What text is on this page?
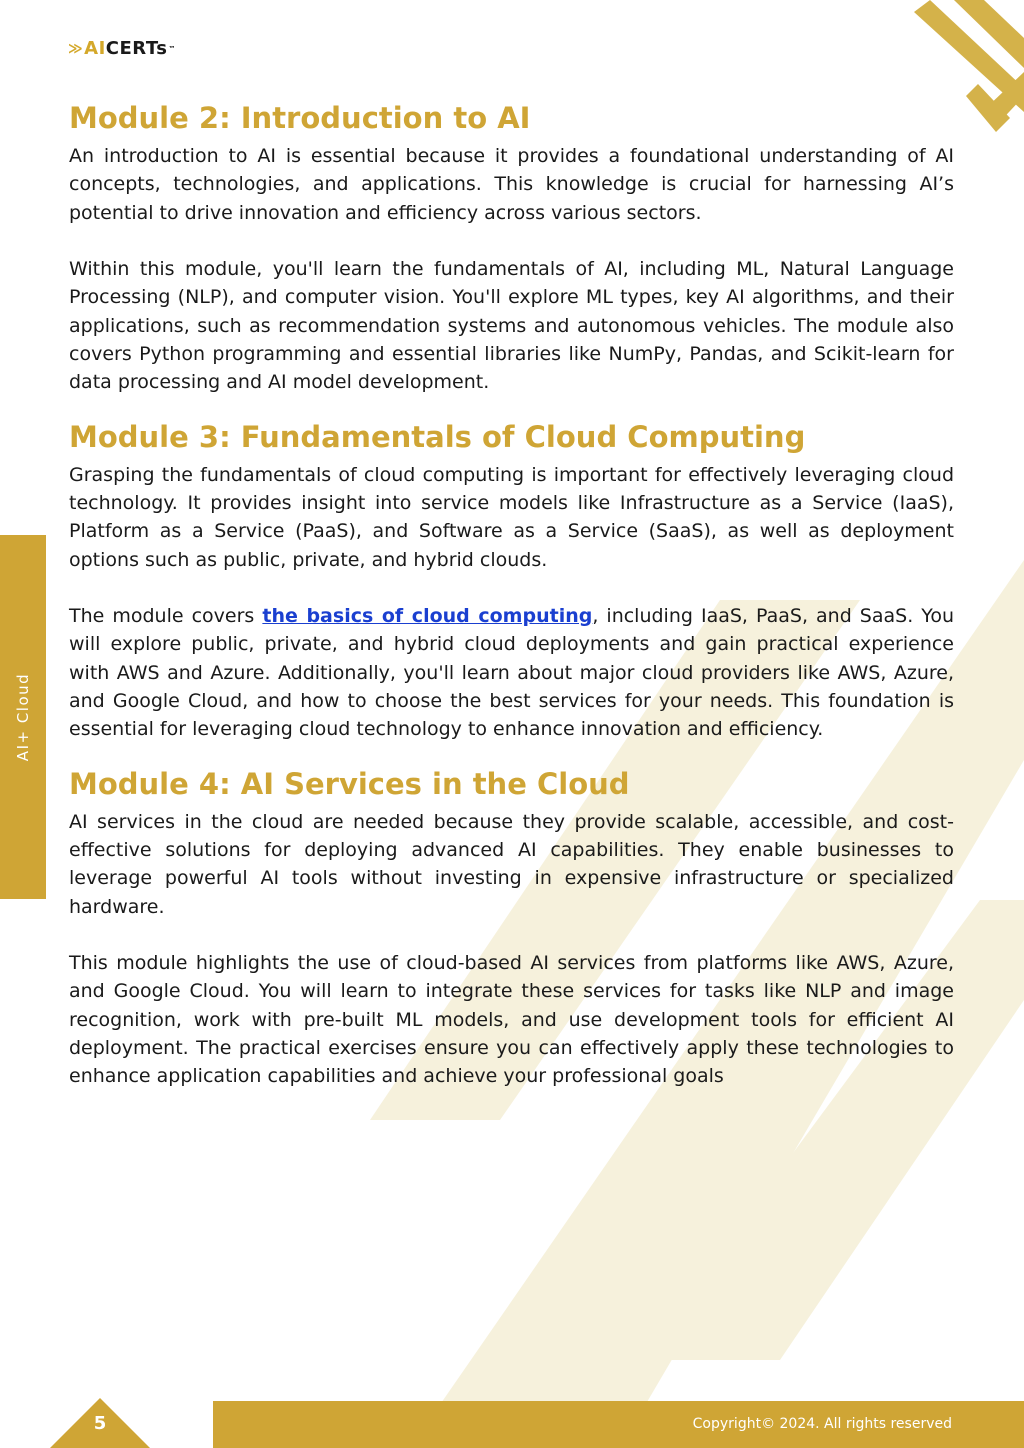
≫ AI CERTs ™
AI+ Cloud
Module 2: Introduction to AI

An introduction to AI is essential because it provides a foundational understanding of AI concepts, technologies, and applications. This knowledge is crucial for harnessing AI’s potential to drive innovation and efficiency across various sectors.

Within this module, you'll learn the fundamentals of AI, including ML, Natural Language Processing (NLP), and computer vision. You'll explore ML types, key AI algorithms, and their applications, such as recommendation systems and autonomous vehicles. The module also covers Python programming and essential libraries like NumPy, Pandas, and Scikit-learn for data processing and AI model development.

Module 3: Fundamentals of Cloud Computing

Grasping the fundamentals of cloud computing is important for effectively leveraging cloud technology. It provides insight into service models like Infrastructure as a Service (IaaS), Platform as a Service (PaaS), and Software as a Service (SaaS), as well as deployment options such as public, private, and hybrid clouds.

The module covers the basics of cloud computing, including IaaS, PaaS, and SaaS. You will explore public, private, and hybrid cloud deployments and gain practical experience with AWS and Azure. Additionally, you'll learn about major cloud providers like AWS, Azure, and Google Cloud, and how to choose the best services for your needs. This foundation is essential for leveraging cloud technology to enhance innovation and efficiency.

Module 4: AI Services in the Cloud

AI services in the cloud are needed because they provide scalable, accessible, and cost-effective solutions for deploying advanced AI capabilities. They enable businesses to leverage powerful AI tools without investing in expensive infrastructure or specialized hardware.

This module highlights the use of cloud-based AI services from platforms like AWS, Azure, and Google Cloud. You will learn to integrate these services for tasks like NLP and image recognition, work with pre-built ML models, and use development tools for efficient AI deployment. The practical exercises ensure you can effectively apply these technologies to enhance application capabilities and achieve your professional goals

5	Copyright© 2024. All rights reserved
